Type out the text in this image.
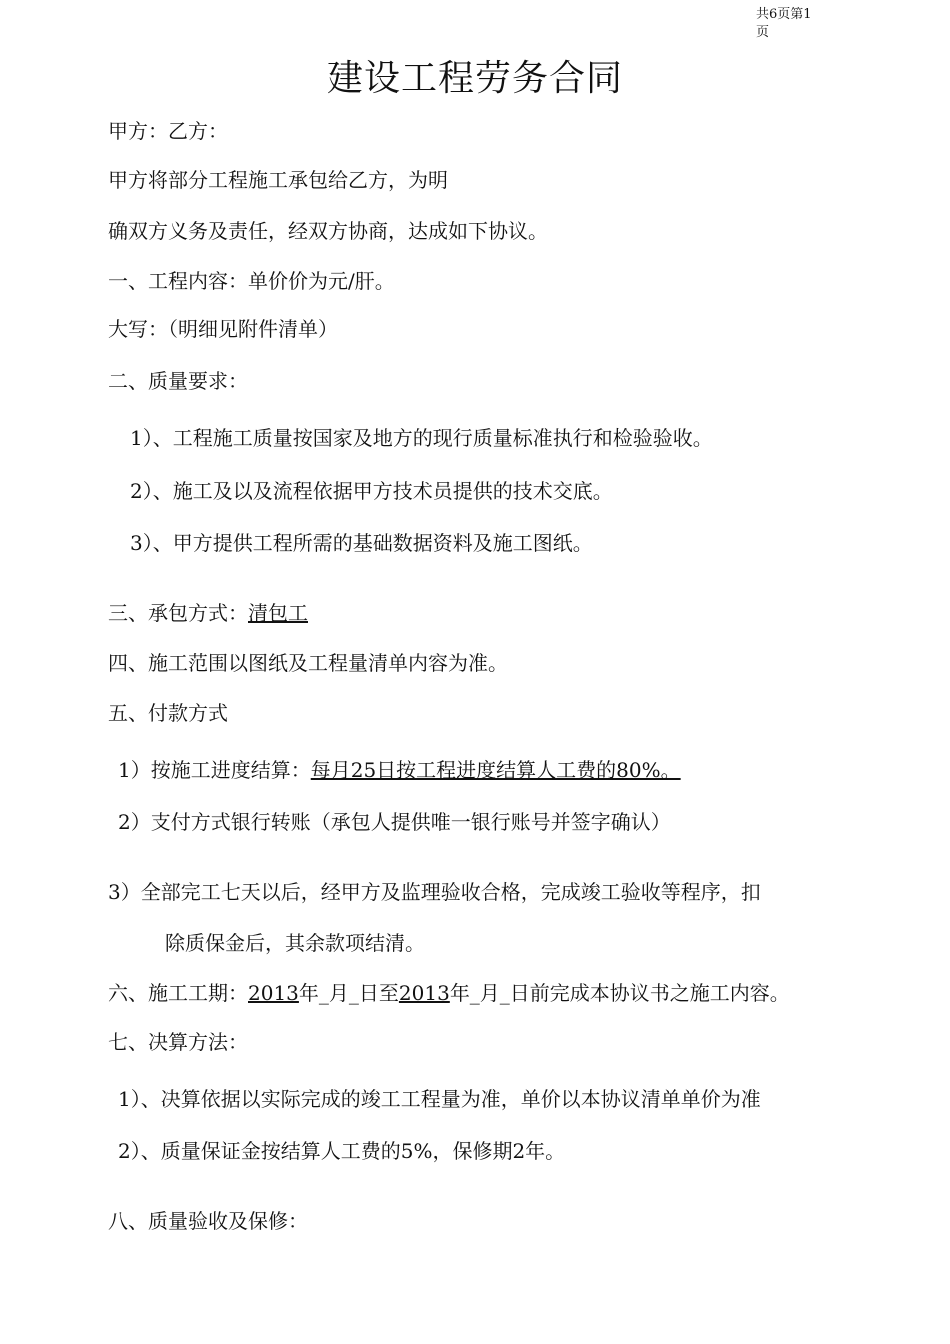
共6页第1页
建设工程劳务合同
甲方：乙方：
甲方将部分工程施工承包给乙方，为明
确双方义务及责任，经双方协商，达成如下协议。
一、工程内容：单价价为元/肝。
大写：（明细见附件清单）
二、质量要求：
1）、工程施工质量按国家及地方的现行质量标准执行和检验验收。
2）、施工及以及流程依据甲方技术员提供的技术交底。
3）、甲方提供工程所需的基础数据资料及施工图纸。
三、承包方式：清包工
四、施工范围以图纸及工程量清单内容为准。
五、付款方式
1）按施工进度结算：每月25日按工程进度结算人工费的80%。
2）支付方式银行转账（承包人提供唯一银行账号并签字确认）
3）全部完工七天以后，经甲方及监理验收合格，完成竣工验收等程序，扣
除质保金后，其余款项结清。
六、施工工期：2013年_月_日至2013年_月_日前完成本协议书之施工内容。
七、决算方法：
1）、决算依据以实际完成的竣工工程量为准，单价以本协议清单单价为准
2）、质量保证金按结算人工费的5%，保修期2年。
八、质量验收及保修：
